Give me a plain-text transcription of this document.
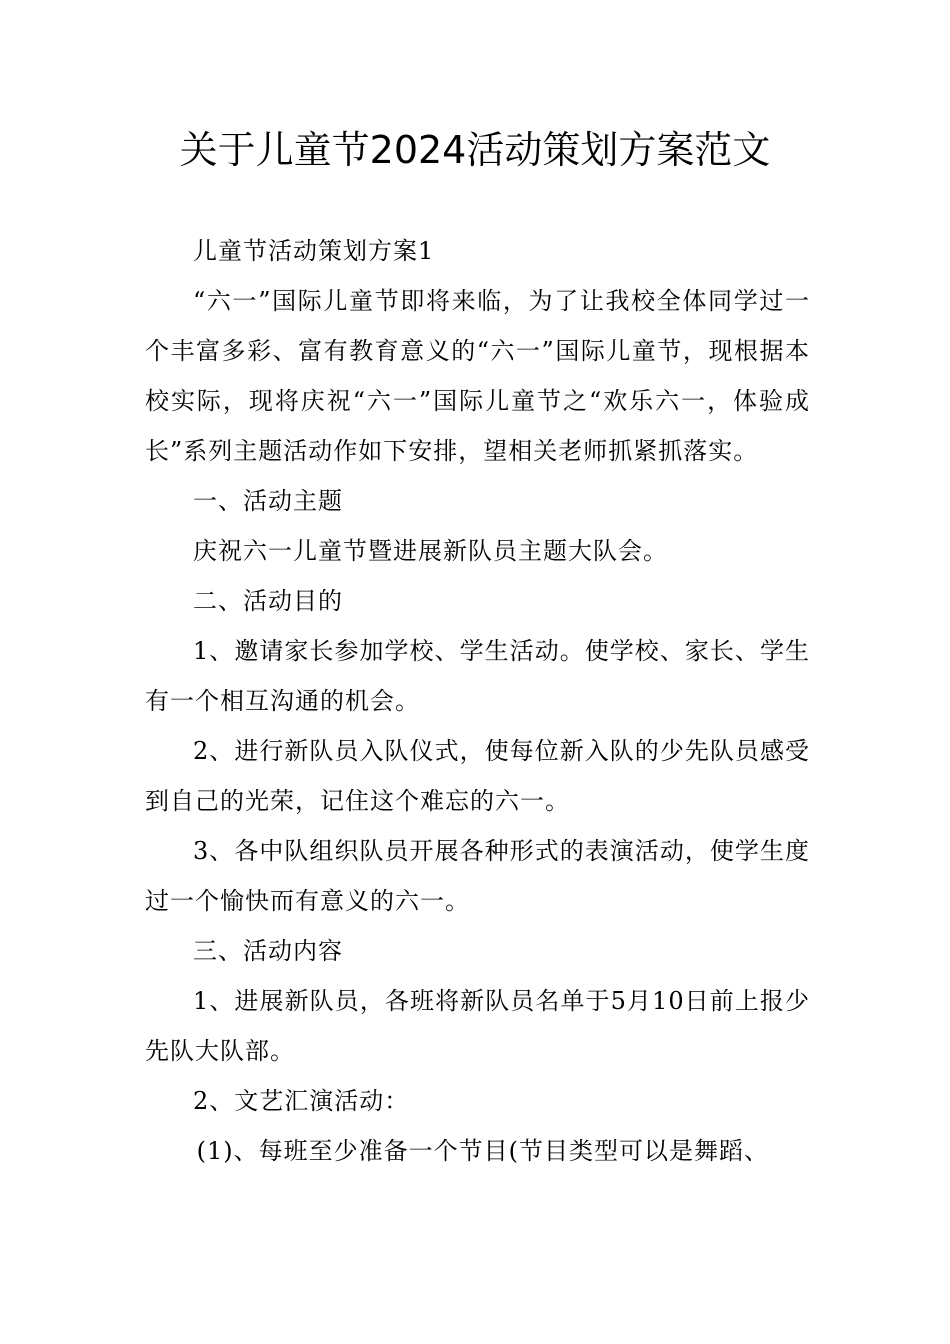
关于儿童节2024活动策划方案范文

儿童节活动策划方案1

“六一”国际儿童节即将来临，为了让我校全体同学过一个丰富多彩、富有教育意义的“六一”国际儿童节，现根据本校实际，现将庆祝“六一”国际儿童节之“欢乐六一，体验成长”系列主题活动作如下安排，望相关老师抓紧抓落实。

一、活动主题

庆祝六一儿童节暨进展新队员主题大队会。

二、活动目的

1、邀请家长参加学校、学生活动。使学校、家长、学生有一个相互沟通的机会。

2、进行新队员入队仪式，使每位新入队的少先队员感受到自己的光荣，记住这个难忘的六一。

3、各中队组织队员开展各种形式的表演活动，使学生度过一个愉快而有意义的六一。

三、活动内容

1、进展新队员，各班将新队员名单于5月10日前上报少先队大队部。

2、文艺汇演活动：

(1)、每班至少准备一个节目(节目类型可以是舞蹈、
